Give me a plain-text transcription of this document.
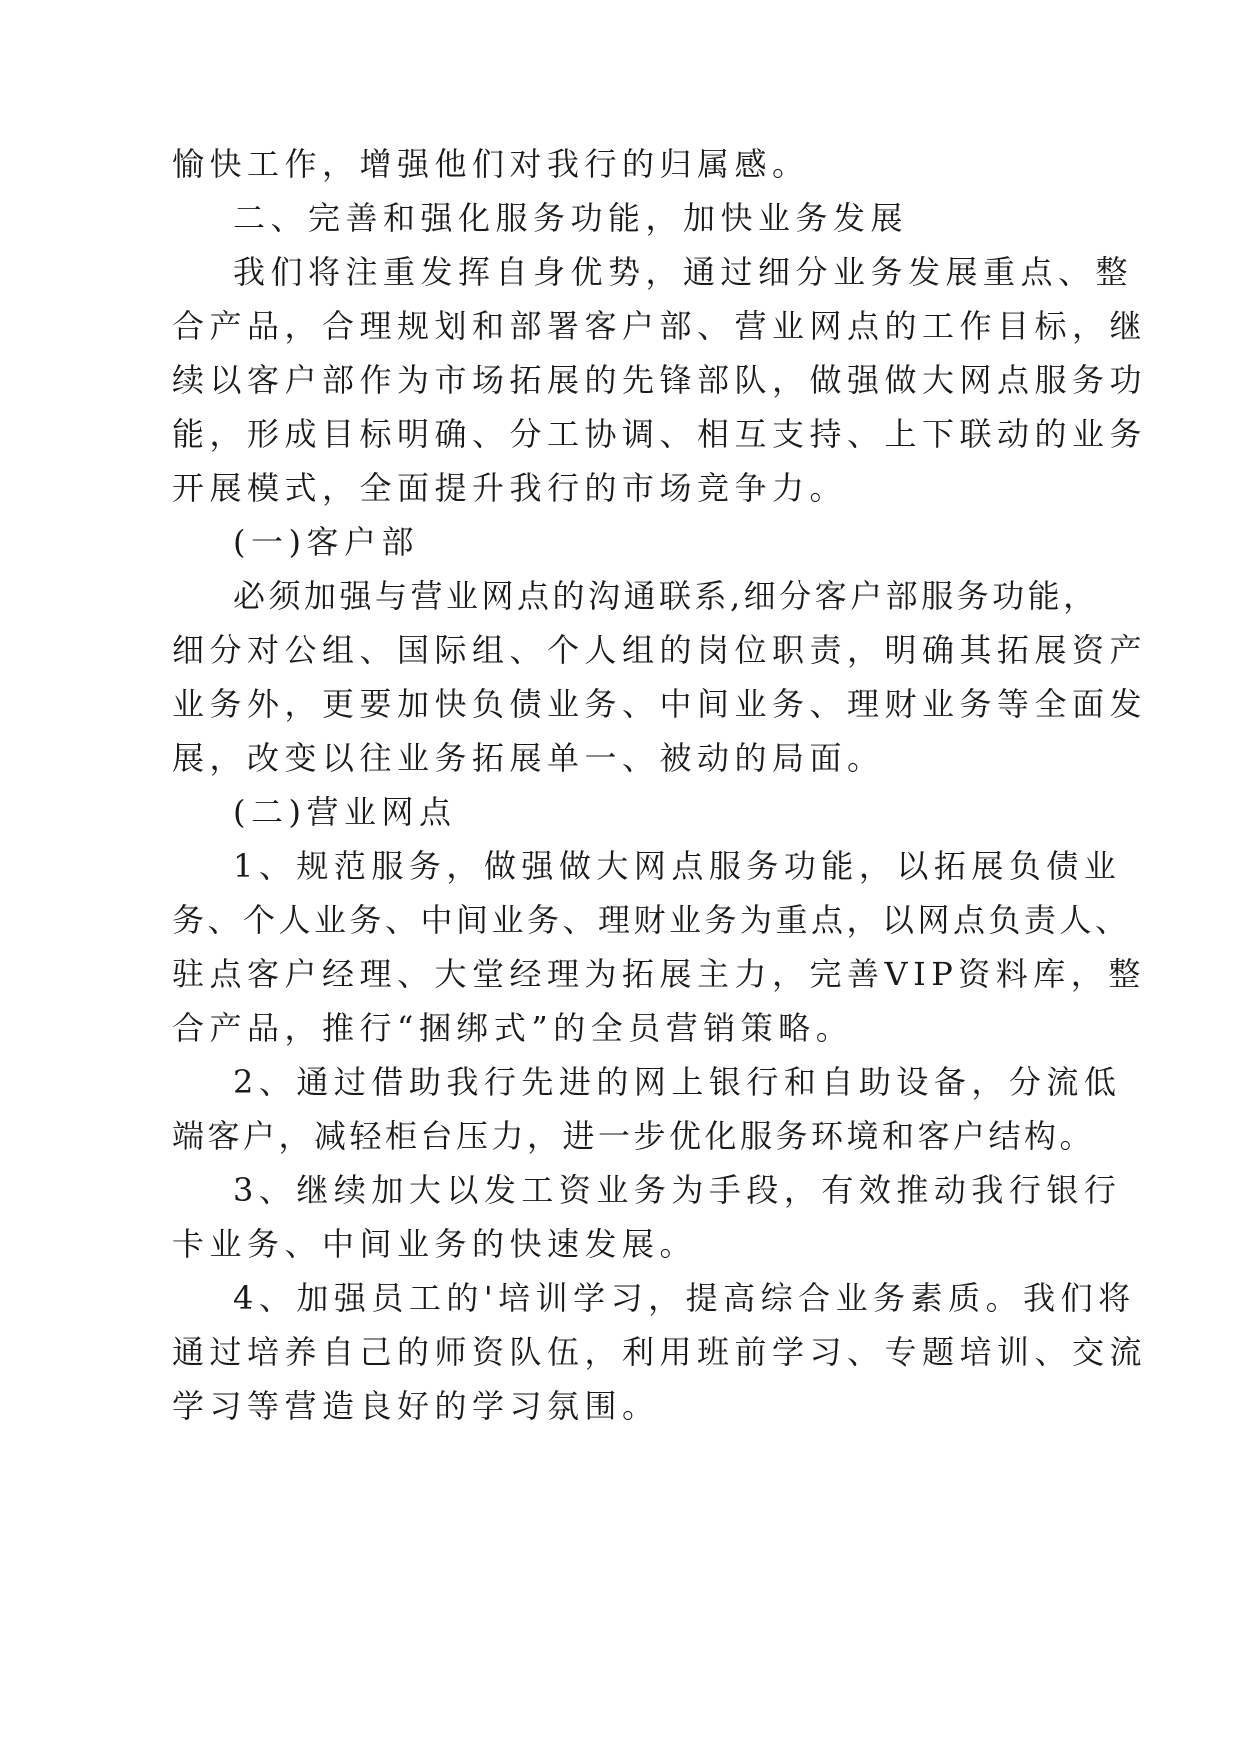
愉快工作，增强他们对我行的归属感。
二、完善和强化服务功能，加快业务发展
我们将注重发挥自身优势，通过细分业务发展重点、整
合产品，合理规划和部署客户部、营业网点的工作目标，继
续以客户部作为市场拓展的先锋部队，做强做大网点服务功
能，形成目标明确、分工协调、相互支持、上下联动的业务
开展模式，全面提升我行的市场竞争力。
(一)客户部
必须加强与营业网点的沟通联系,细分客户部服务功能，
细分对公组、国际组、个人组的岗位职责，明确其拓展资产
业务外，更要加快负债业务、中间业务、理财业务等全面发
展，改变以往业务拓展单一、被动的局面。
(二)营业网点
1、规范服务，做强做大网点服务功能，以拓展负债业
务、个人业务、中间业务、理财业务为重点，以网点负责人、
驻点客户经理、大堂经理为拓展主力，完善VIP资料库，整
合产品，推行“捆绑式”的全员营销策略。
2、通过借助我行先进的网上银行和自助设备，分流低
端客户，减轻柜台压力，进一步优化服务环境和客户结构。
3、继续加大以发工资业务为手段，有效推动我行银行
卡业务、中间业务的快速发展。
4、加强员工的'培训学习，提高综合业务素质。我们将
通过培养自己的师资队伍，利用班前学习、专题培训、交流
学习等营造良好的学习氛围。
